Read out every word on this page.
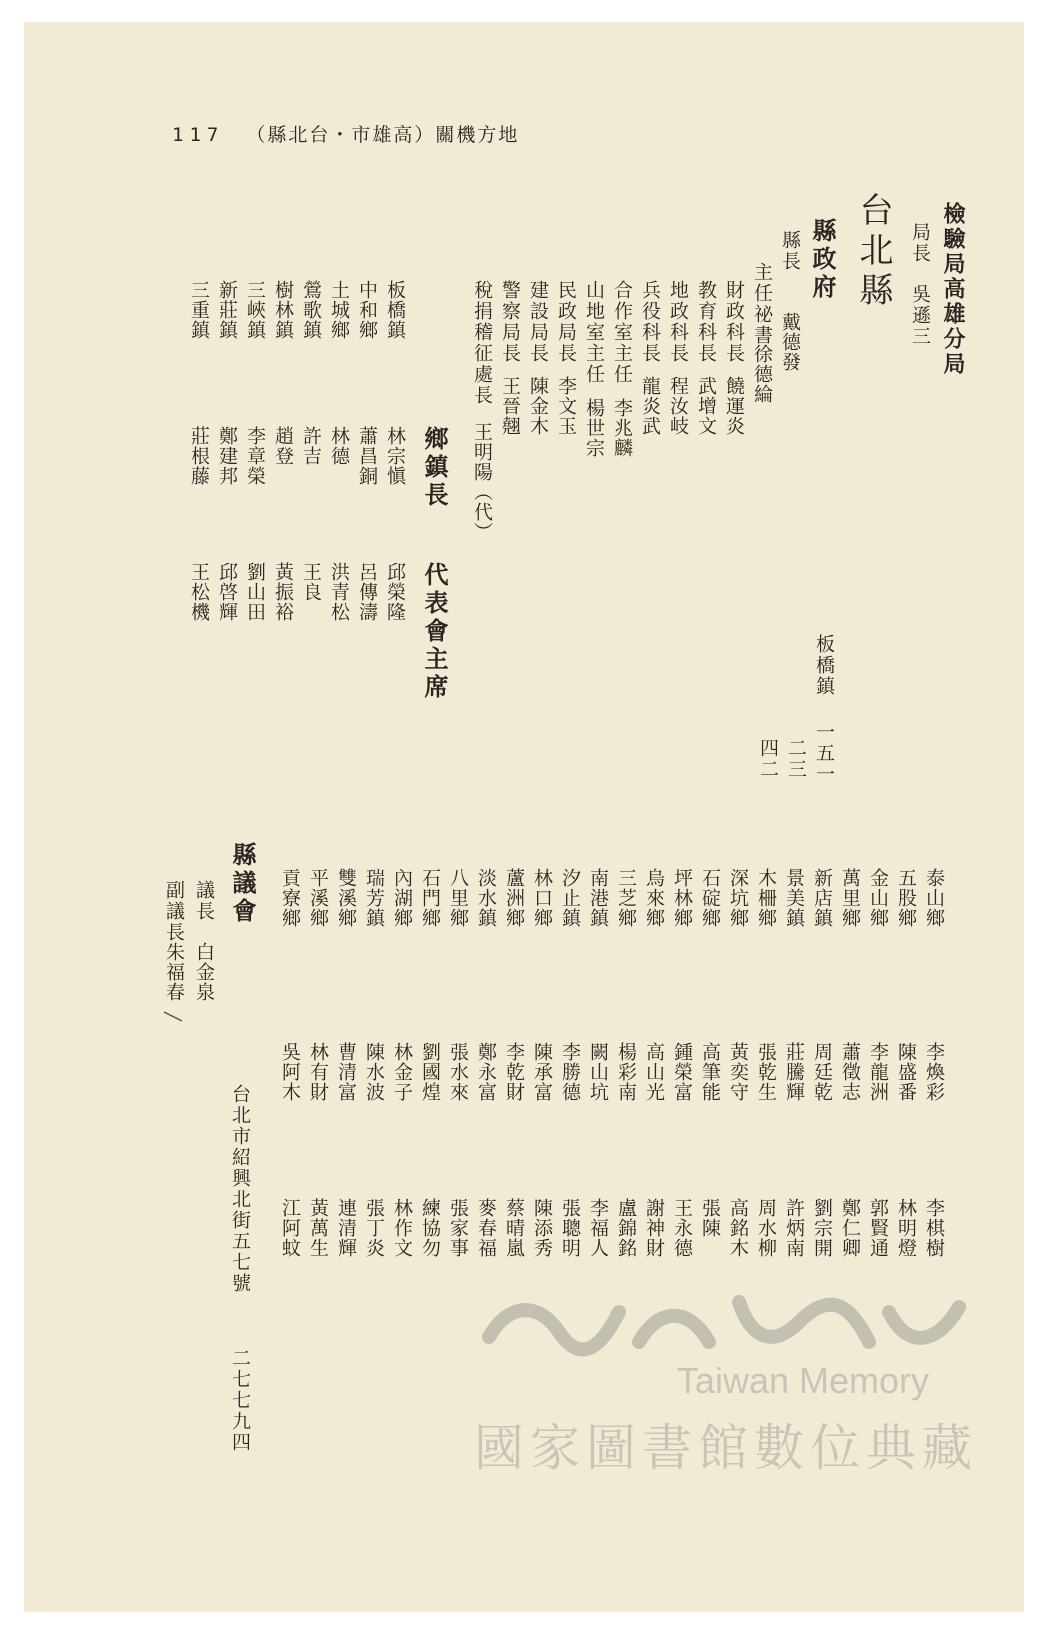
117 （縣北台・市雄高）關機方地
檢驗局高雄分局
局長
吳遜三
台北縣
縣政府
縣長
戴德發
主任祕書
徐德綸
財政科長
饒運炎
教育科長
武增文
地政科長
程汝岐
兵役科長
龍炎武
合作室主任
李兆麟
山地室主任
楊世宗
民政局長
李文玉
建設局長
陳金木
警察局長
王晉翹
稅捐稽征處長
王明陽（代）
板橋鎮
一五一
二三
四二
鄉鎮長
代表會主席
板橋鎮
林宗愼
邱榮隆
中和鄉
蕭昌銅
呂傳濤
土城鄉
林德
洪青松
鶯歌鎮
許吉
王良
樹林鎮
趙登
黃振裕
三峽鎮
李章榮
劉山田
新莊鎮
鄭建邦
邱啓輝
三重鎮
莊根藤
王松機
泰山鄉
李煥彩
李棋樹
五股鄉
陳盛番
林明燈
金山鄉
李龍洲
郭賢通
萬里鄉
蕭徵志
鄭仁卿
新店鎮
周廷乾
劉宗開
景美鎮
莊騰輝
許炳南
木柵鄉
張乾生
周水柳
深坑鄉
黃奕守
高銘木
石碇鄉
高筆能
張陳
坪林鄉
鍾榮富
王永德
烏來鄉
高山光
謝神財
三芝鄉
楊彩南
盧錦銘
南港鎮
闕山坑
李福人
汐止鎮
李勝德
張聰明
林口鄉
陳承富
陳添秀
蘆洲鄉
李乾財
蔡晴嵐
淡水鎮
鄭永富
麥春福
八里鄉
張水來
張家事
石門鄉
劉國煌
練協勿
內湖鄉
林金子
林作文
瑞芳鎮
陳水波
張丁炎
雙溪鄉
曹清富
連清輝
平溪鄉
林有財
黃萬生
貢寮鄉
吳阿木
江阿蚊
縣議會
議長
白金泉
副議長
朱福春
台北市紹興北街五七號
二七七九四	Taiwan Memory
國家圖書館數位典藏
